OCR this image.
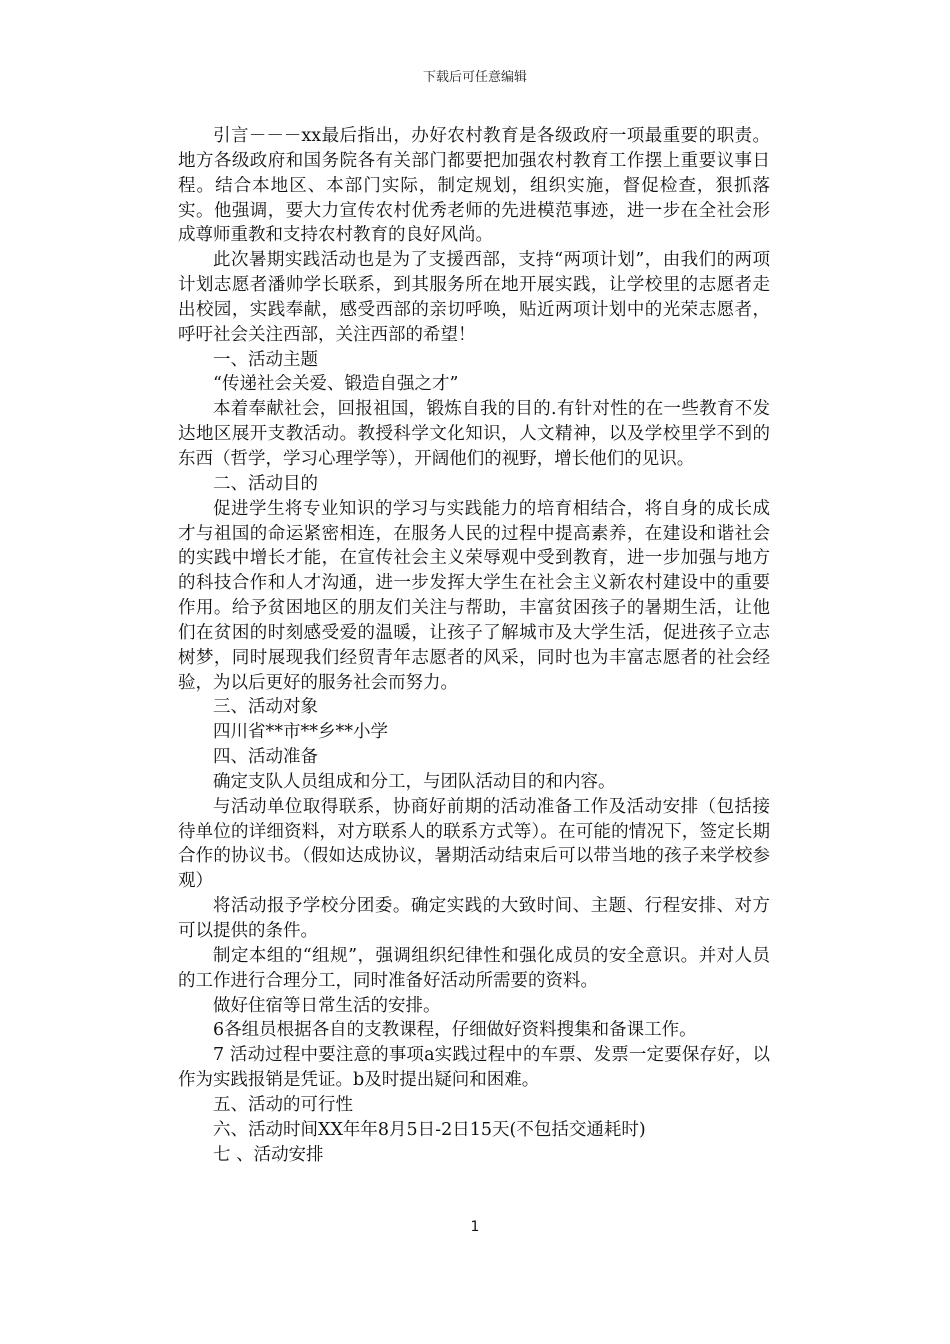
下载后可任意编辑

引言－－－xx最后指出，办好农村教育是各级政府一项最重要的职责。地方各级政府和国务院各有关部门都要把加强农村教育工作摆上重要议事日程。结合本地区、本部门实际，制定规划，组织实施，督促检查，狠抓落实。他强调，要大力宣传农村优秀老师的先进模范事迹，进一步在全社会形成尊师重教和支持农村教育的良好风尚。

此次暑期实践活动也是为了支援西部，支持“两项计划”，由我们的两项计划志愿者潘帅学长联系，到其服务所在地开展实践，让学校里的志愿者走出校园，实践奉献，感受西部的亲切呼唤，贴近两项计划中的光荣志愿者，呼吁社会关注西部，关注西部的希望！

一、活动主题

“传递社会关爱、锻造自强之才”

本着奉献社会，回报祖国，锻炼自我的目的.有针对性的在一些教育不发达地区展开支教活动。教授科学文化知识，人文精神，以及学校里学不到的东西（哲学，学习心理学等），开阔他们的视野，增长他们的见识。

二、活动目的

促进学生将专业知识的学习与实践能力的培育相结合，将自身的成长成才与祖国的命运紧密相连，在服务人民的过程中提高素养，在建设和谐社会的实践中增长才能，在宣传社会主义荣辱观中受到教育，进一步加强与地方的科技合作和人才沟通，进一步发挥大学生在社会主义新农村建设中的重要作用。给予贫困地区的朋友们关注与帮助，丰富贫困孩子的暑期生活，让他们在贫困的时刻感受爱的温暖，让孩子了解城市及大学生活，促进孩子立志树梦，同时展现我们经贸青年志愿者的风采，同时也为丰富志愿者的社会经验，为以后更好的服务社会而努力。

三、活动对象

四川省**市**乡**小学

四、活动准备

确定支队人员组成和分工，与团队活动目的和内容。

与活动单位取得联系，协商好前期的活动准备工作及活动安排（包括接待单位的详细资料，对方联系人的联系方式等）。在可能的情况下，签定长期合作的协议书。（假如达成协议，暑期活动结束后可以带当地的孩子来学校参观）

将活动报予学校分团委。确定实践的大致时间、主题、行程安排、对方可以提供的条件。

制定本组的“组规”，强调组织纪律性和强化成员的安全意识。并对人员的工作进行合理分工，同时准备好活动所需要的资料。

做好住宿等日常生活的安排。

6各组员根据各自的支教课程，仔细做好资料搜集和备课工作。

7 活动过程中要注意的事项a实践过程中的车票、发票一定要保存好，以作为实践报销是凭证。b及时提出疑问和困难。

五、活动的可行性

六、活动时间XX年年8月5日-2日15天(不包括交通耗时)

七 、活动安排

1
